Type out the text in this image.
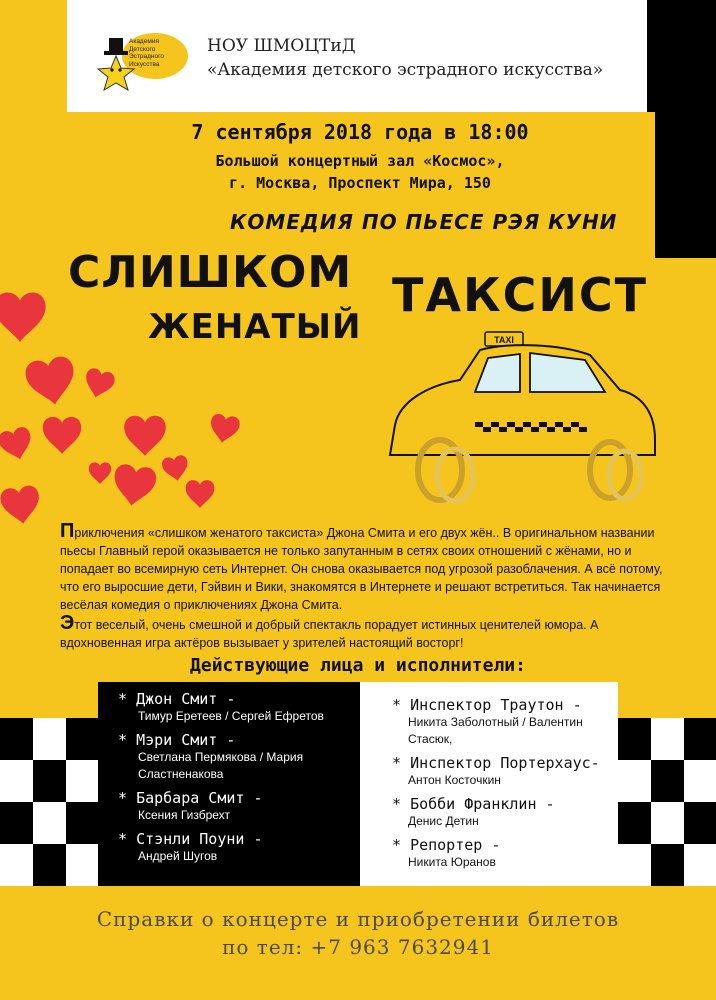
Академия Детского Эстрадного Искусства
НОУ ШМОЦТиД
«Академия детского эстрадного искусства»
7 сентября 2018 года в 18:00
Большой концертный зал «Космос»,
г. Москва, Проспект Мира, 150
КОМЕДИЯ ПО ПЬЕСЕ РЭЯ КУНИ
СЛИШКОМ
ЖЕНАТЫЙ
ТАКСИСТ
TAXI

Приключения «слишком женатого таксиста» Джона Смита и его двух жён.. В оригинальном названии пьесы Главный герой оказывается не только запутанным в сетях своих отношений с жёнами, но и попадает во всемирную сеть Интернет. Он снова оказывается под угрозой разоблачения. А всё потому, что его выросшие дети, Гэйвин и Вики, знакомятся в Интернете и решают встретиться. Так начинается весёлая комедия о приключениях Джона Смита.

Этот веселый, очень смешной и добрый спектакль порадует истинных ценителей юмора. А вдохновенная игра актёров вызывает у зрителей настоящий восторг!

Действующие лица и исполнители:
* Джон Смит -
Тимур Еретеев / Сергей Ефретов
* Мэри Смит -
Светлана Пермякова / Мария Сластненакова
* Барбара Смит -
Ксения Гизбрехт
* Стэнли Поуни -
Андрей Шугов
* Инспектор Траутон -
Никита Заболотный / Валентин Стасюк,
* Инспектор Портерхаус-
Антон Косточкин
* Бобби Франклин -
Денис Детин
* Репортер -
Никита Юранов
Справки о концерте и приобретении билетов
по тел: +7 963 7632941
